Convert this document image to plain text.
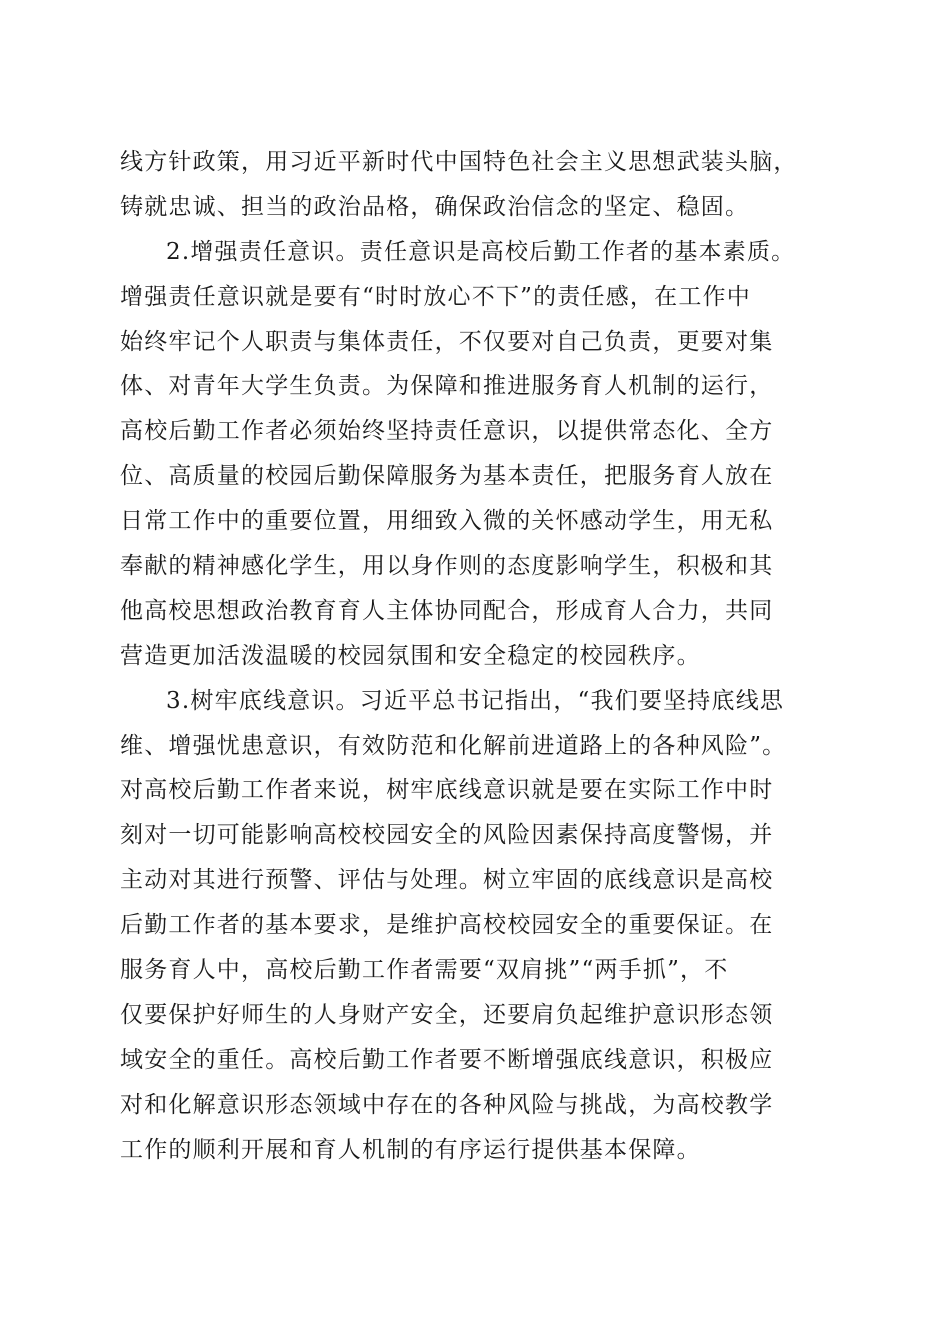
线方针政策，用习近平新时代中国特色社会主义思想武装头脑，
铸就忠诚、担当的政治品格，确保政治信念的坚定、稳固。
2.增强责任意识。责任意识是高校后勤工作者的基本素质。
增强责任意识就是要有“时时放心不下”的责任感，在工作中
始终牢记个人职责与集体责任，不仅要对自己负责，更要对集
体、对青年大学生负责。为保障和推进服务育人机制的运行，
高校后勤工作者必须始终坚持责任意识，以提供常态化、全方
位、高质量的校园后勤保障服务为基本责任，把服务育人放在
日常工作中的重要位置，用细致入微的关怀感动学生，用无私
奉献的精神感化学生，用以身作则的态度影响学生，积极和其
他高校思想政治教育育人主体协同配合，形成育人合力，共同
营造更加活泼温暖的校园氛围和安全稳定的校园秩序。
3.树牢底线意识。习近平总书记指出，“我们要坚持底线思
维、增强忧患意识，有效防范和化解前进道路上的各种风险”。
对高校后勤工作者来说，树牢底线意识就是要在实际工作中时
刻对一切可能影响高校校园安全的风险因素保持高度警惕，并
主动对其进行预警、评估与处理。树立牢固的底线意识是高校
后勤工作者的基本要求，是维护高校校园安全的重要保证。在
服务育人中，高校后勤工作者需要“双肩挑”“两手抓”，不
仅要保护好师生的人身财产安全，还要肩负起维护意识形态领
域安全的重任。高校后勤工作者要不断增强底线意识，积极应
对和化解意识形态领域中存在的各种风险与挑战，为高校教学
工作的顺利开展和育人机制的有序运行提供基本保障。
